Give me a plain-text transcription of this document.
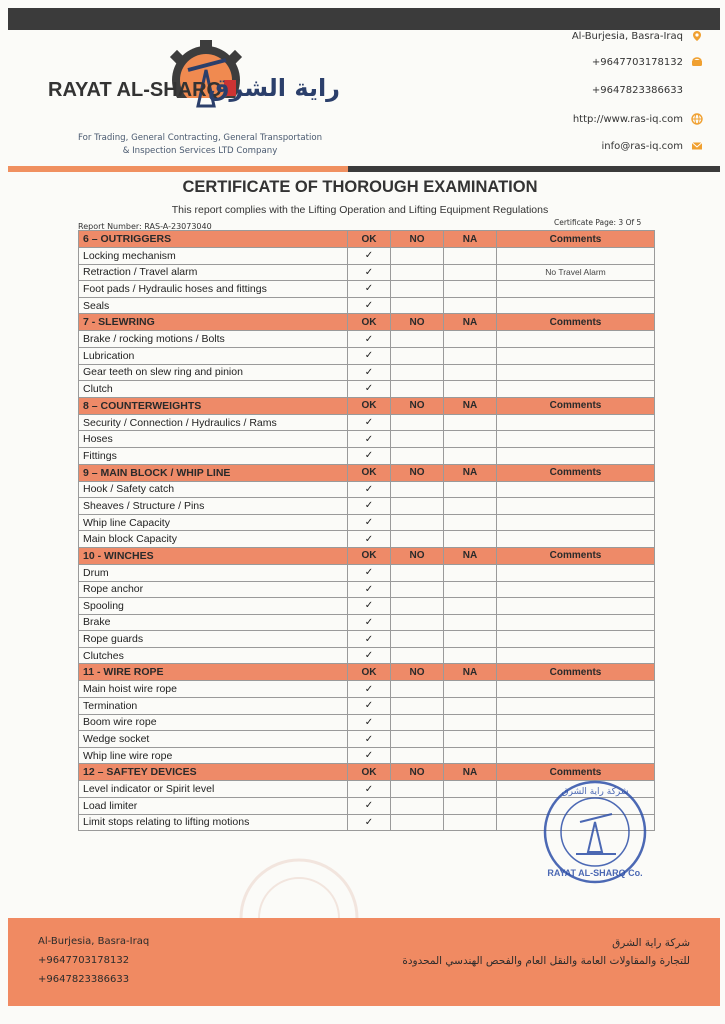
RAYAT AL-SHARQ
راية الشرق
For Trading, General Contracting, General Transportation
& Inspection Services LTD Company
Al-Burjesia, Basra-Iraq
+9647703178132
+9647823386633
http://www.ras-iq.com
info@ras-iq.com
CERTIFICATE OF THOROUGH EXAMINATION
This report complies with the Lifting Operation and Lifting Equipment Regulations
Report Number: RAS-A-23073040	Certificate Page: 3 Of 5
6 – OUTRIGGERS	OK	NO	NA	Comments
Locking mechanism	✓			
Retraction / Travel alarm	✓			No Travel Alarm
Foot pads / Hydraulic hoses and fittings	✓			
Seals	✓			
7 - SLEWRING	OK	NO	NA	Comments
Brake / rocking motions / Bolts	✓			
Lubrication	✓			
Gear teeth on slew ring and pinion	✓			
Clutch	✓			
8 – COUNTERWEIGHTS	OK	NO	NA	Comments
Security / Connection / Hydraulics / Rams	✓			
Hoses	✓			
Fittings	✓			
9 – MAIN BLOCK / WHIP LINE	OK	NO	NA	Comments
Hook / Safety catch	✓			
Sheaves / Structure / Pins	✓			
Whip line Capacity	✓			
Main block Capacity	✓			
10 - WINCHES	OK	NO	NA	Comments
Drum	✓			
Rope anchor	✓			
Spooling	✓			
Brake	✓			
Rope guards	✓			
Clutches	✓			
11 - WIRE ROPE	OK	NO	NA	Comments
Main hoist wire rope	✓			
Termination	✓			
Boom wire rope	✓			
Wedge socket	✓			
Whip line wire rope	✓			
12 – SAFTEY DEVICES	OK	NO	NA	Comments
Level indicator or Spirit level	✓			
Load limiter	✓			
Limit stops relating to lifting motions	✓			
شركة راية الشرق
RAYAT AL-SHARQ Co.
Al-Burjesia, Basra-Iraq
+9647703178132
+9647823386633
شركة راية الشرق
للتجارة والمقاولات العامة والنقل العام والفحص الهندسي المحدودة
